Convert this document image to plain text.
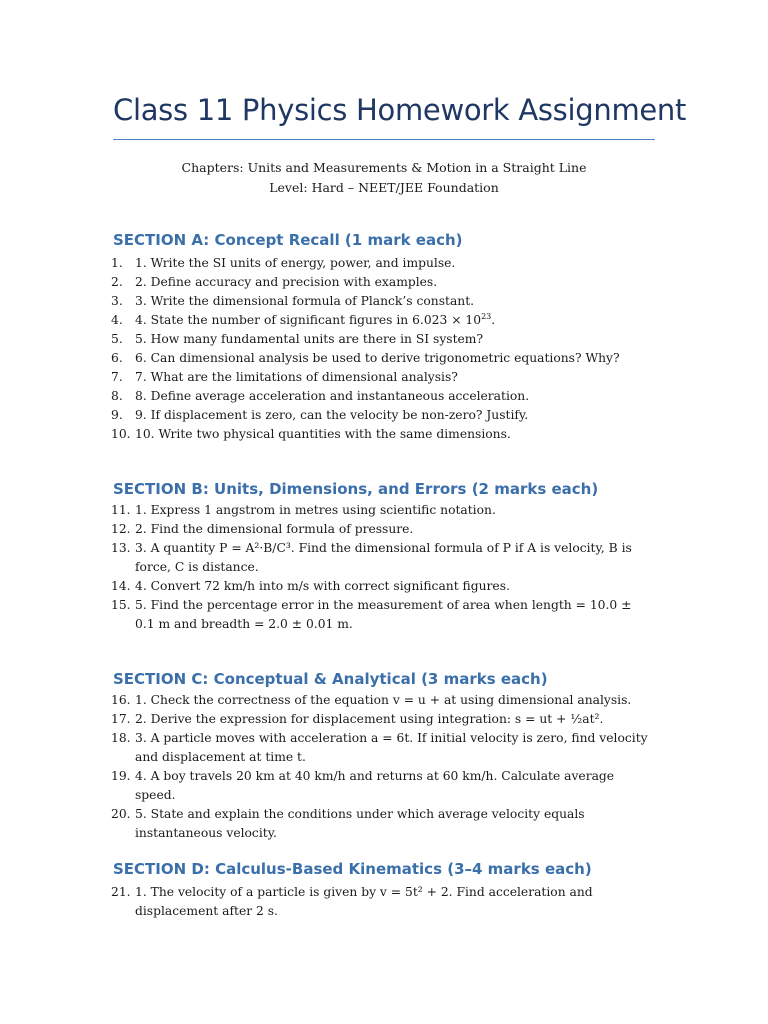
Class 11 Physics Homework Assignment
Chapters: Units and Measurements & Motion in a Straight Line
Level: Hard – NEET/JEE Foundation
SECTION A: Concept Recall (1 mark each)
1. 1. Write the SI units of energy, power, and impulse.
2. 2. Define accuracy and precision with examples.
3. 3. Write the dimensional formula of Planck’s constant.
4. 4. State the number of significant figures in $6.023 \times 10^{23}$.
5. 5. How many fundamental units are there in SI system?
6. 6. Can dimensional analysis be used to derive trigonometric equations? Why?
7. 7. What are the limitations of dimensional analysis?
8. 8. Define average acceleration and instantaneous acceleration.
9. 9. If displacement is zero, can the velocity be non-zero? Justify.
10. 10. Write two physical quantities with the same dimensions.
SECTION B: Units, Dimensions, and Errors (2 marks each)
11. 1. Express 1 angstrom in metres using scientific notation.
12. 2. Find the dimensional formula of pressure.
13. 3. A quantity P = A²·B/C³. Find the dimensional formula of P if A is velocity, B is force, C is distance.
14. 4. Convert 72 km/h into m/s with correct significant figures.
15. 5. Find the percentage error in the measurement of area when length = 10.0 ± 0.1 m and breadth = 2.0 ± 0.01 m.
SECTION C: Conceptual & Analytical (3 marks each)
16. 1. Check the correctness of the equation v = u + at using dimensional analysis.
17. 2. Derive the expression for displacement using integration: s = ut + ½at².
18. 3. A particle moves with acceleration a = 6t. If initial velocity is zero, find velocity and displacement at time t.
19. 4. A boy travels 20 km at 40 km/h and returns at 60 km/h. Calculate average speed.
20. 5. State and explain the conditions under which average velocity equals instantaneous velocity.
SECTION D: Calculus-Based Kinematics (3–4 marks each)
21. 1. The velocity of a particle is given by v = 5t² + 2. Find acceleration and displacement after 2 s.
